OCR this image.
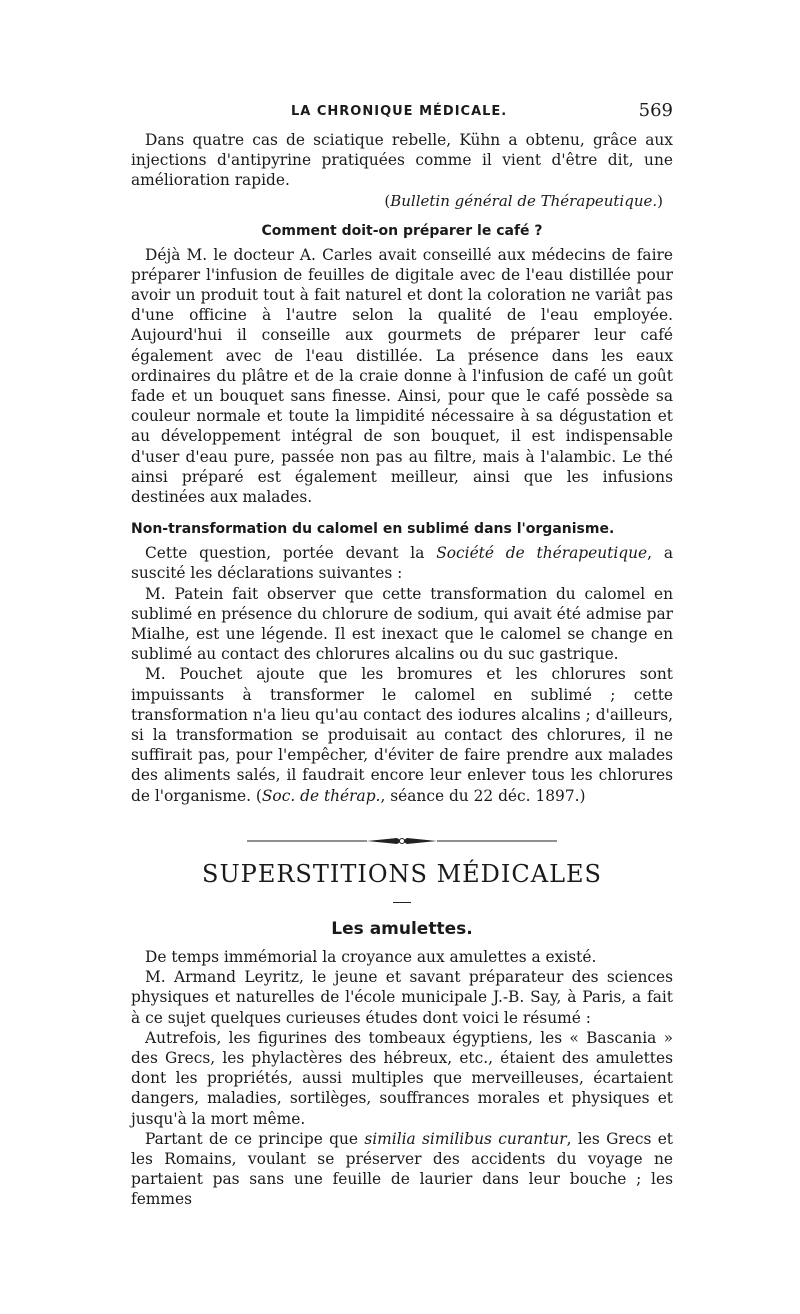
LA CHRONIQUE MÉDICALE.	569

Dans quatre cas de sciatique rebelle, Kühn a obtenu, grâce aux injections d'antipyrine pratiquées comme il vient d'être dit, une amélioration rapide.

(Bulletin général de Thérapeutique.)
Comment doit-on préparer le café ?

Déjà M. le docteur A. Carles avait conseillé aux médecins de faire préparer l'infusion de feuilles de digitale avec de l'eau distillée pour avoir un produit tout à fait naturel et dont la coloration ne variât pas d'une officine à l'autre selon la qualité de l'eau employée. Aujourd'hui il conseille aux gourmets de préparer leur café également avec de l'eau distillée. La présence dans les eaux ordinaires du plâtre et de la craie donne à l'infusion de café un goût fade et un bouquet sans finesse. Ainsi, pour que le café possède sa couleur normale et toute la limpidité nécessaire à sa dégustation et au développement intégral de son bouquet, il est indispensable d'user d'eau pure, passée non pas au filtre, mais à l'alambic. Le thé ainsi préparé est également meilleur, ainsi que les infusions destinées aux malades.

Non-transformation du calomel en sublimé dans l'organisme.

Cette question, portée devant la Société de thérapeutique, a suscité les déclarations suivantes :

M. Patein fait observer que cette transformation du calomel en sublimé en présence du chlorure de sodium, qui avait été admise par Mialhe, est une légende. Il est inexact que le calomel se change en sublimé au contact des chlorures alcalins ou du suc gastrique.

M. Pouchet ajoute que les bromures et les chlorures sont impuissants à transformer le calomel en sublimé ; cette transformation n'a lieu qu'au contact des iodures alcalins ; d'ailleurs, si la transformation se produisait au contact des chlorures, il ne suffirait pas, pour l'empêcher, d'éviter de faire prendre aux malades des aliments salés, il faudrait encore leur enlever tous les chlorures de l'organisme. (Soc. de thérap., séance du 22 déc. 1897.)

SUPERSTITIONS MÉDICALES
Les amulettes.

De temps immémorial la croyance aux amulettes a existé.

M. Armand Leyritz, le jeune et savant préparateur des sciences physiques et naturelles de l'école municipale J.-B. Say, à Paris, a fait à ce sujet quelques curieuses études dont voici le résumé :

Autrefois, les figurines des tombeaux égyptiens, les « Bascania » des Grecs, les phylactères des hébreux, etc., étaient des amulettes dont les propriétés, aussi multiples que merveilleuses, écartaient dangers, maladies, sortilèges, souffrances morales et physiques et jusqu'à la mort même.

Partant de ce principe que similia similibus curantur, les Grecs et les Romains, voulant se préserver des accidents du voyage ne partaient pas sans une feuille de laurier dans leur bouche ; les femmes
